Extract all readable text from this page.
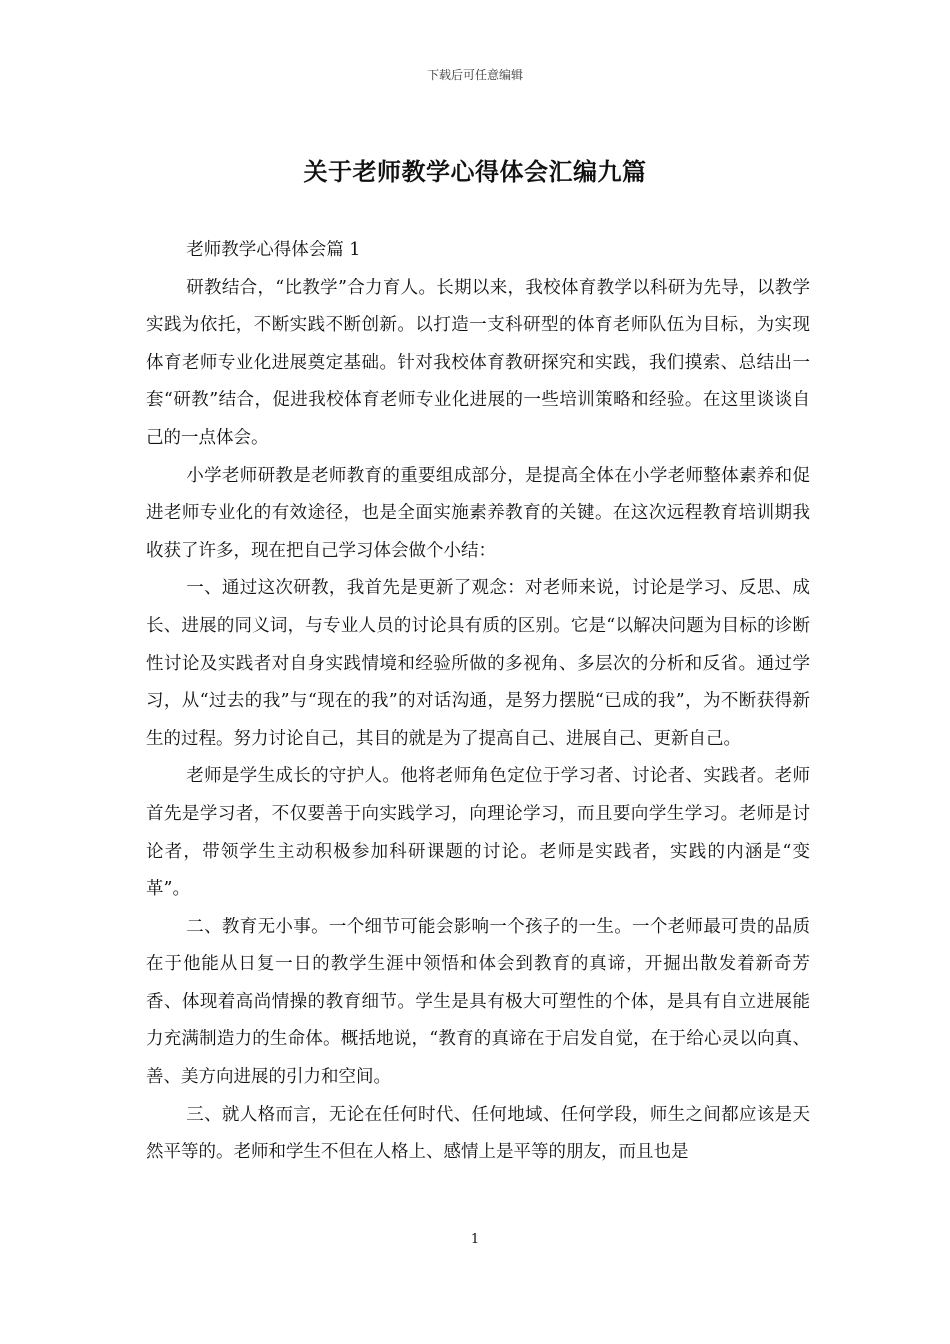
下载后可任意编辑
关于老师教学心得体会汇编九篇

老师教学心得体会篇 1

研教结合，“比教学”合力育人。长期以来，我校体育教学以科研为先导，以教学实践为依托，不断实践不断创新。以打造一支科研型的体育老师队伍为目标，为实现体育老师专业化进展奠定基础。针对我校体育教研探究和实践，我们摸索、总结出一套“研教”结合，促进我校体育老师专业化进展的一些培训策略和经验。在这里谈谈自己的一点体会。

小学老师研教是老师教育的重要组成部分，是提高全体在小学老师整体素养和促进老师专业化的有效途径，也是全面实施素养教育的关键。在这次远程教育培训期我收获了许多，现在把自己学习体会做个小结：

一、通过这次研教，我首先是更新了观念：对老师来说，讨论是学习、反思、成长、进展的同义词，与专业人员的讨论具有质的区别。它是“以解决问题为目标的诊断性讨论及实践者对自身实践情境和经验所做的多视角、多层次的分析和反省。通过学习，从“过去的我”与“现在的我”的对话沟通，是努力摆脱“已成的我”，为不断获得新生的过程。努力讨论自己，其目的就是为了提高自己、进展自己、更新自己。

老师是学生成长的守护人。他将老师角色定位于学习者、讨论者、实践者。老师首先是学习者，不仅要善于向实践学习，向理论学习，而且要向学生学习。老师是讨论者，带领学生主动积极参加科研课题的讨论。老师是实践者，实践的内涵是“变革”。

二、教育无小事。一个细节可能会影响一个孩子的一生。一个老师最可贵的品质在于他能从日复一日的教学生涯中领悟和体会到教育的真谛，开掘出散发着新奇芳香、体现着高尚情操的教育细节。学生是具有极大可塑性的个体，是具有自立进展能力充满制造力的生命体。概括地说，“教育的真谛在于启发自觉，在于给心灵以向真、善、美方向进展的引力和空间。

三、就人格而言，无论在任何时代、任何地域、任何学段，师生之间都应该是天然平等的。老师和学生不但在人格上、感情上是平等的朋友，而且也是

1
